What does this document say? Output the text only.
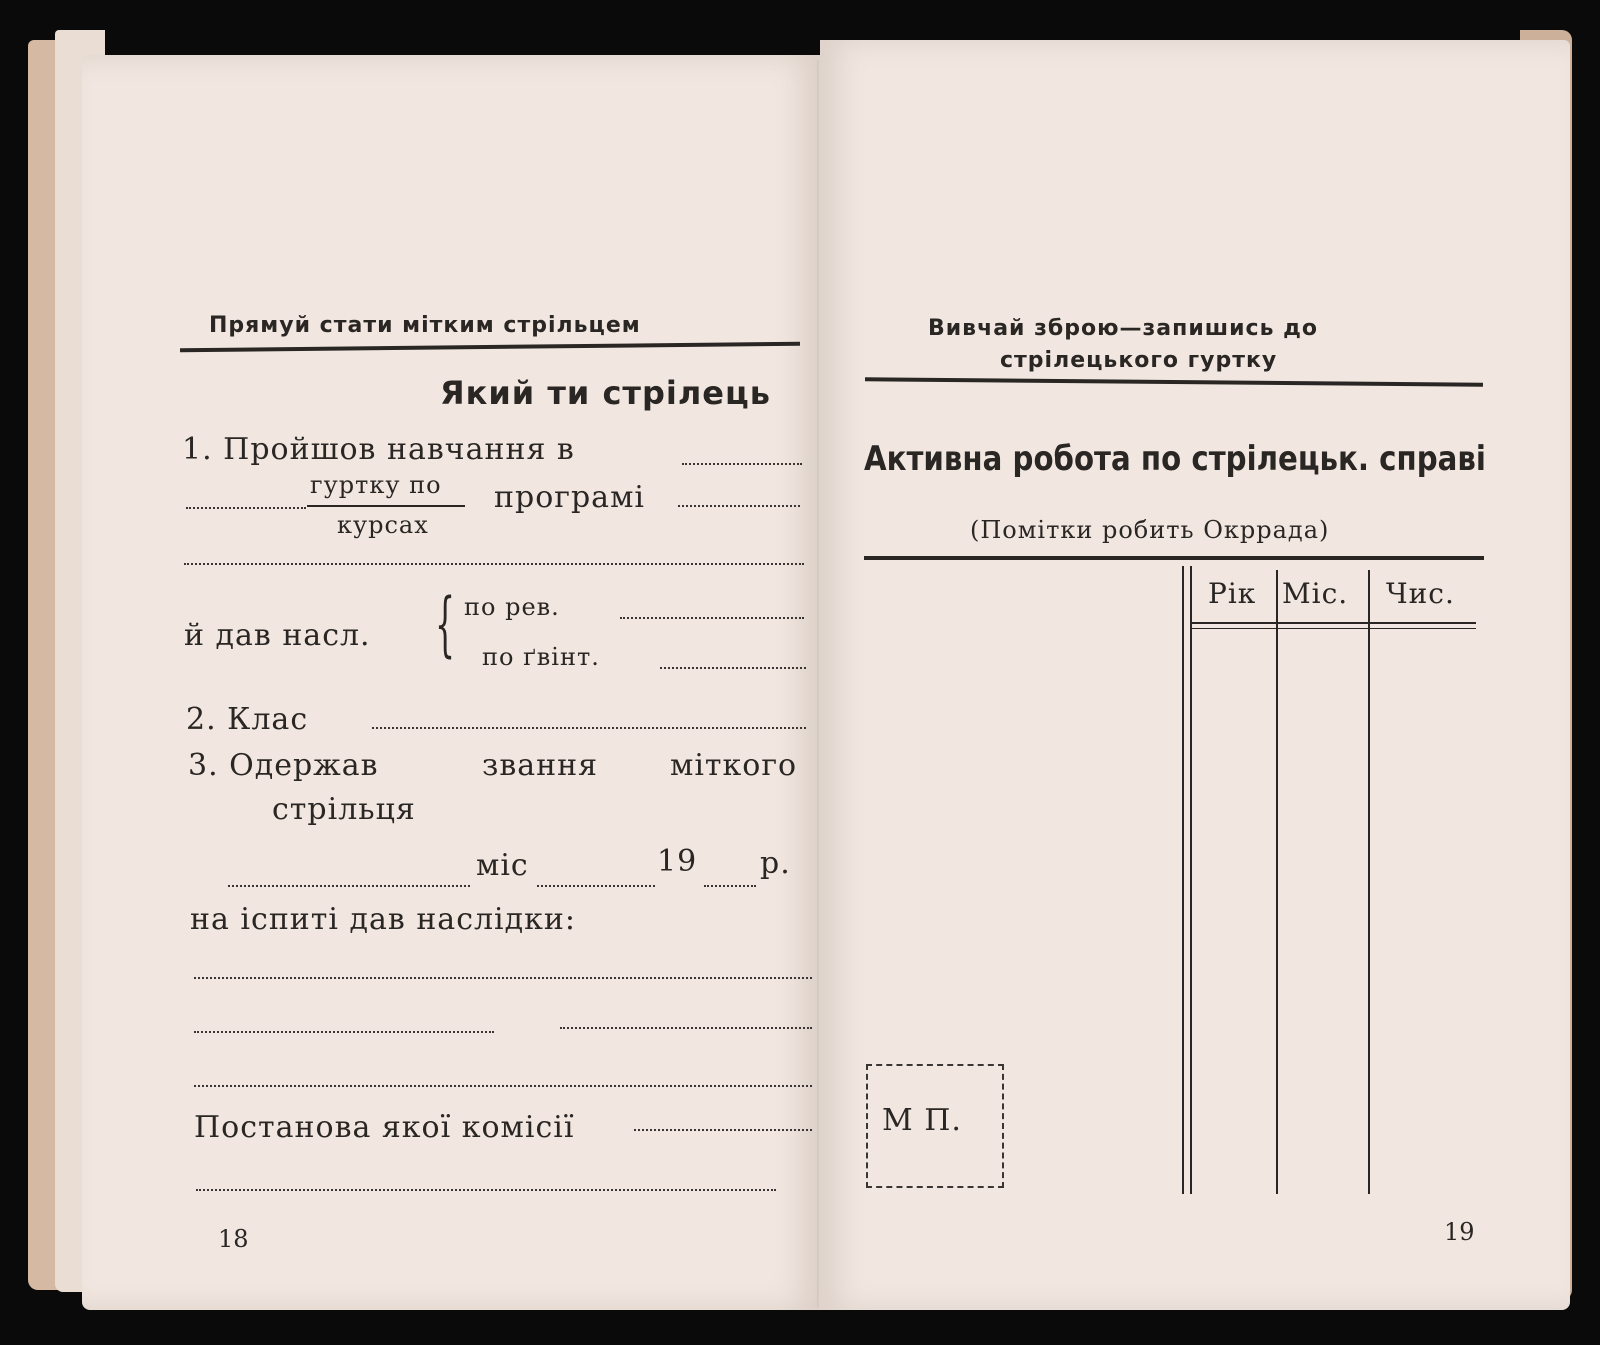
Прямуй стати мітким стрільцем
Який ти стрілець
1. Пройшов навчання в
гуртку по
курсах
програмі
й дав насл. { по рев.
по ґвінт.
2. Клас
3. Одержав	звання міткого
стрільця
міс	19 р.
на іспиті дав наслідки:
Постанова якої комісії
18
Вивчай зброю—запишись до
стрілецького гуртку
Активна робота по стрілецьк. справі
(Помітки робить Окррада)
Рік Міс. Чис.
М П.
19
